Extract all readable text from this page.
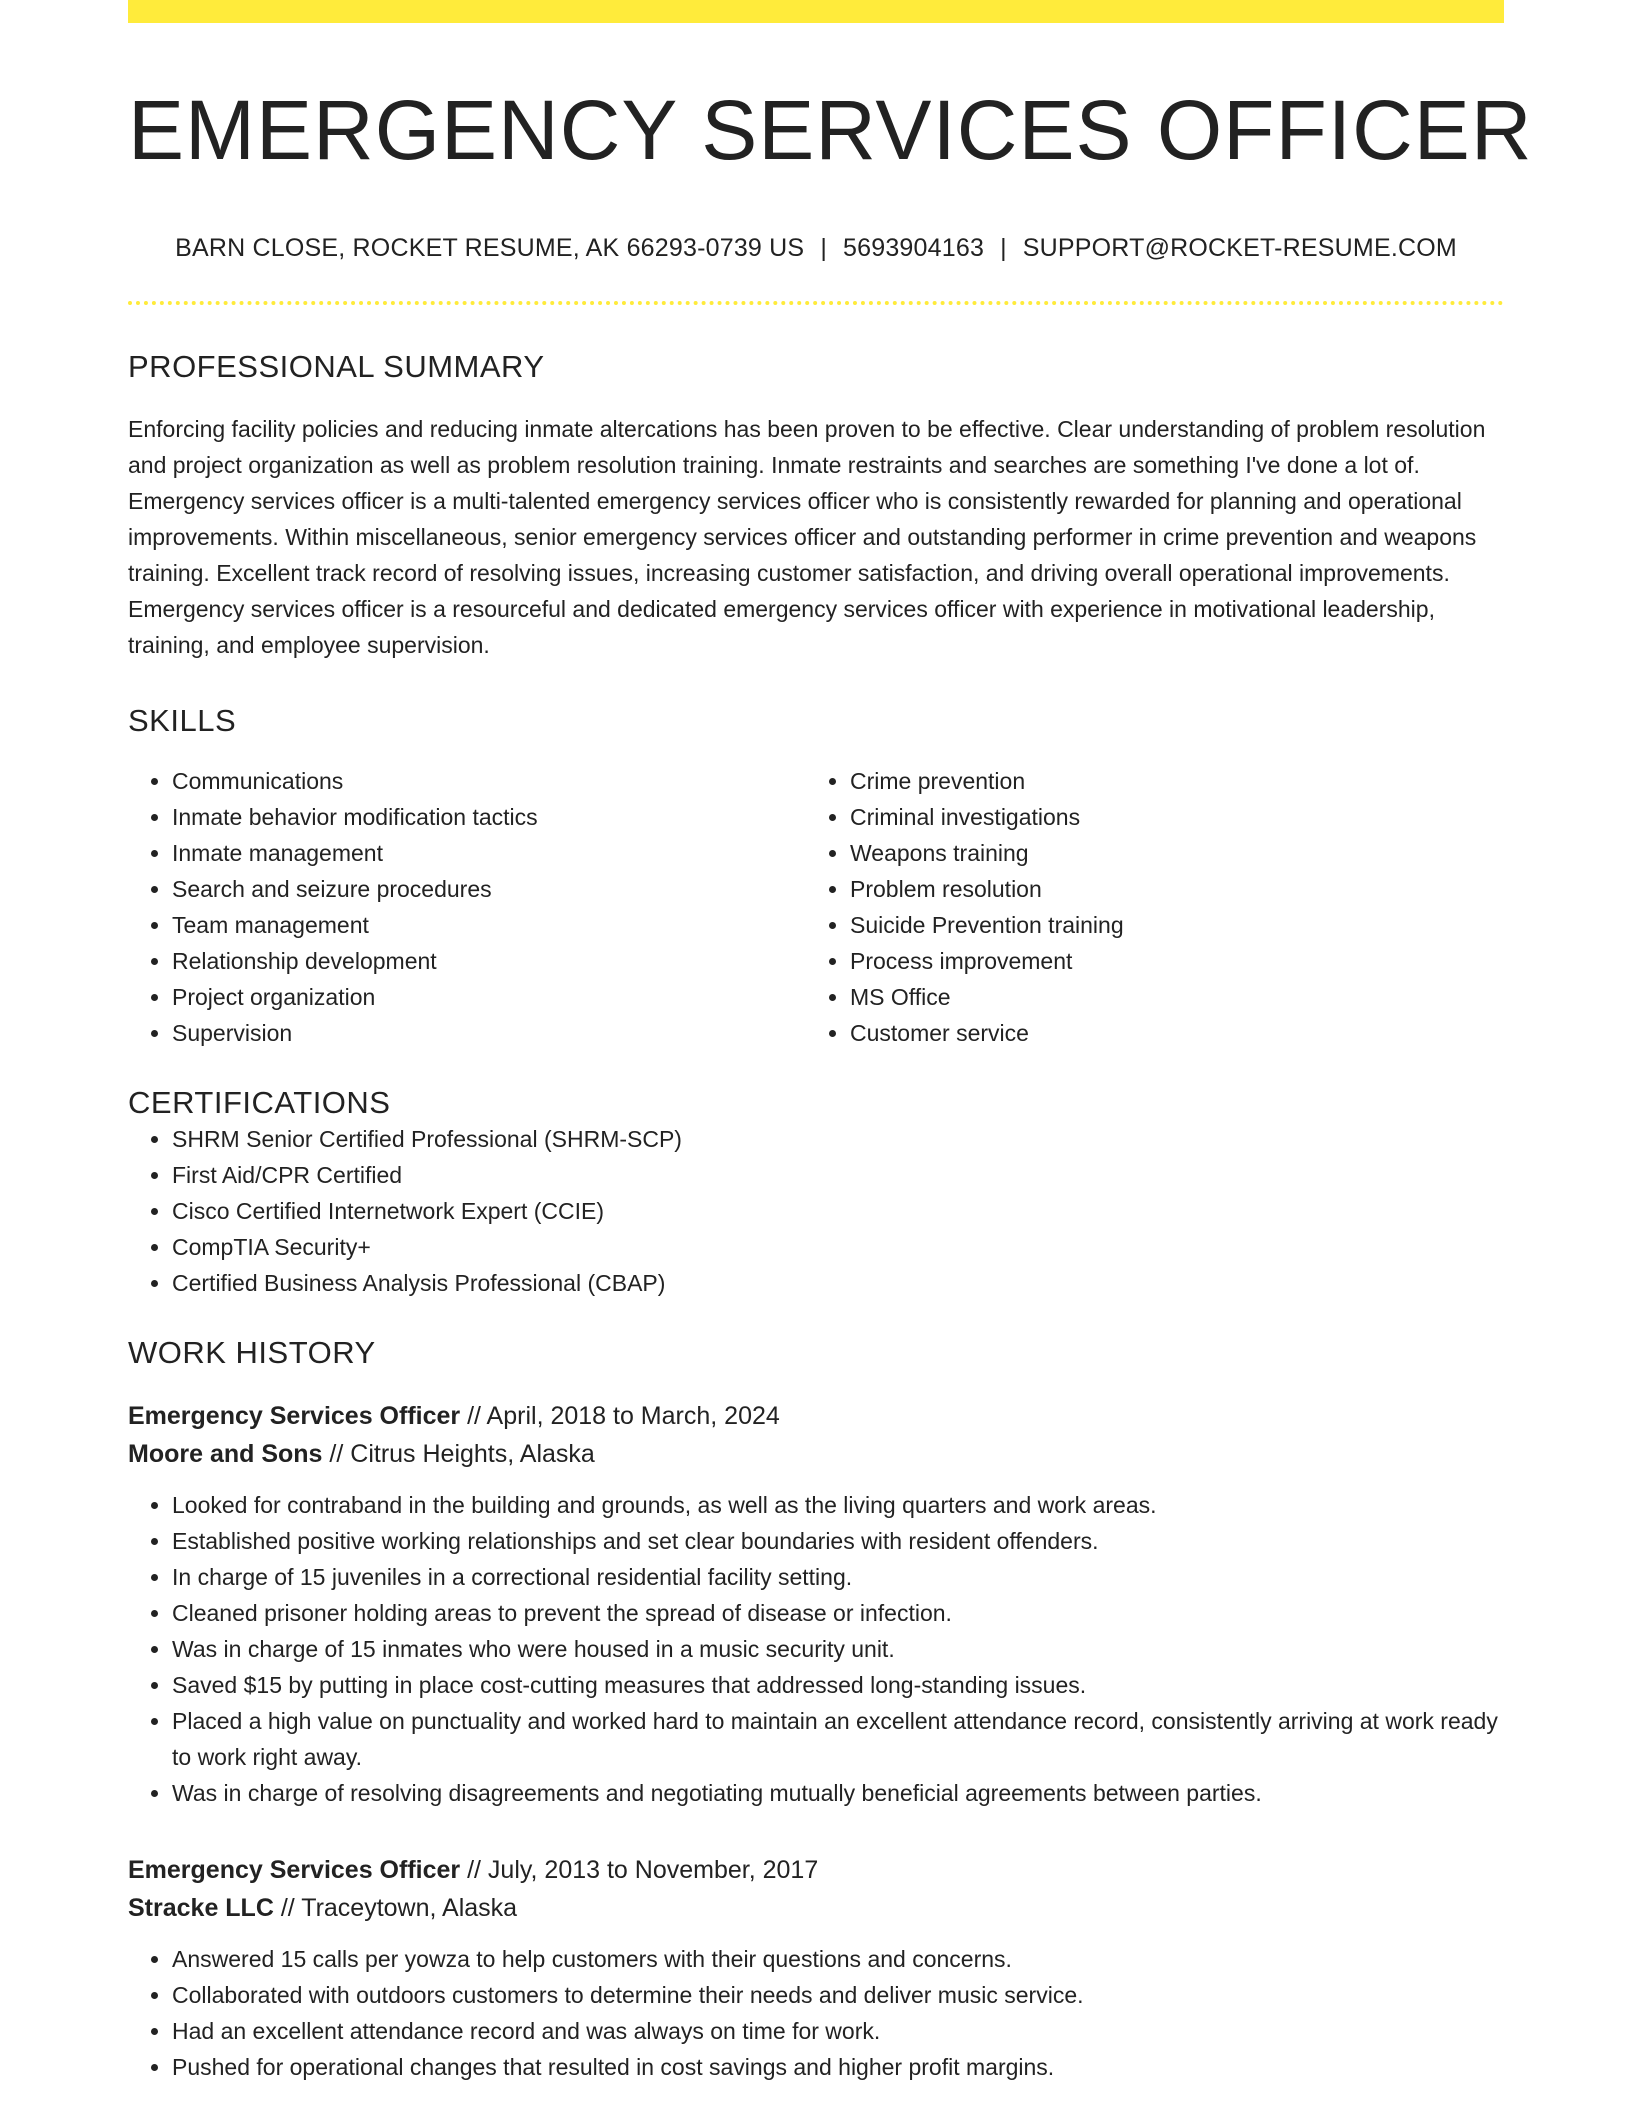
EMERGENCY SERVICES OFFICER
BARN CLOSE, ROCKET RESUME, AK 66293-0739 US | 5693904163 | SUPPORT@ROCKET-RESUME.COM
PROFESSIONAL SUMMARY

Enforcing facility policies and reducing inmate altercations has been proven to be effective. Clear understanding of problem resolution and project organization as well as problem resolution training. Inmate restraints and searches are something I've done a lot of. Emergency services officer is a multi-talented emergency services officer who is consistently rewarded for planning and operational improvements. Within miscellaneous, senior emergency services officer and outstanding performer in crime prevention and weapons training. Excellent track record of resolving issues, increasing customer satisfaction, and driving overall operational improvements. Emergency services officer is a resourceful and dedicated emergency services officer with experience in motivational leadership, training, and employee supervision.

SKILLS
• Communications
• Inmate behavior modification tactics
• Inmate management
• Search and seizure procedures
• Team management
• Relationship development
• Project organization
• Supervision
• Crime prevention
• Criminal investigations
• Weapons training
• Problem resolution
• Suicide Prevention training
• Process improvement
• MS Office
• Customer service
CERTIFICATIONS
• SHRM Senior Certified Professional (SHRM-SCP)
• First Aid/CPR Certified
• Cisco Certified Internetwork Expert (CCIE)
• CompTIA Security+
• Certified Business Analysis Professional (CBAP)
WORK HISTORY
Emergency Services Officer // April, 2018 to March, 2024
Moore and Sons // Citrus Heights, Alaska
• Looked for contraband in the building and grounds, as well as the living quarters and work areas.
• Established positive working relationships and set clear boundaries with resident offenders.
• In charge of 15 juveniles in a correctional residential facility setting.
• Cleaned prisoner holding areas to prevent the spread of disease or infection.
• Was in charge of 15 inmates who were housed in a music security unit.
• Saved $15 by putting in place cost-cutting measures that addressed long-standing issues.
• Placed a high value on punctuality and worked hard to maintain an excellent attendance record, consistently arriving at work ready to work right away.
• Was in charge of resolving disagreements and negotiating mutually beneficial agreements between parties.
Emergency Services Officer // July, 2013 to November, 2017
Stracke LLC // Traceytown, Alaska
• Answered 15 calls per yowza to help customers with their questions and concerns.
• Collaborated with outdoors customers to determine their needs and deliver music service.
• Had an excellent attendance record and was always on time for work.
• Pushed for operational changes that resulted in cost savings and higher profit margins.
